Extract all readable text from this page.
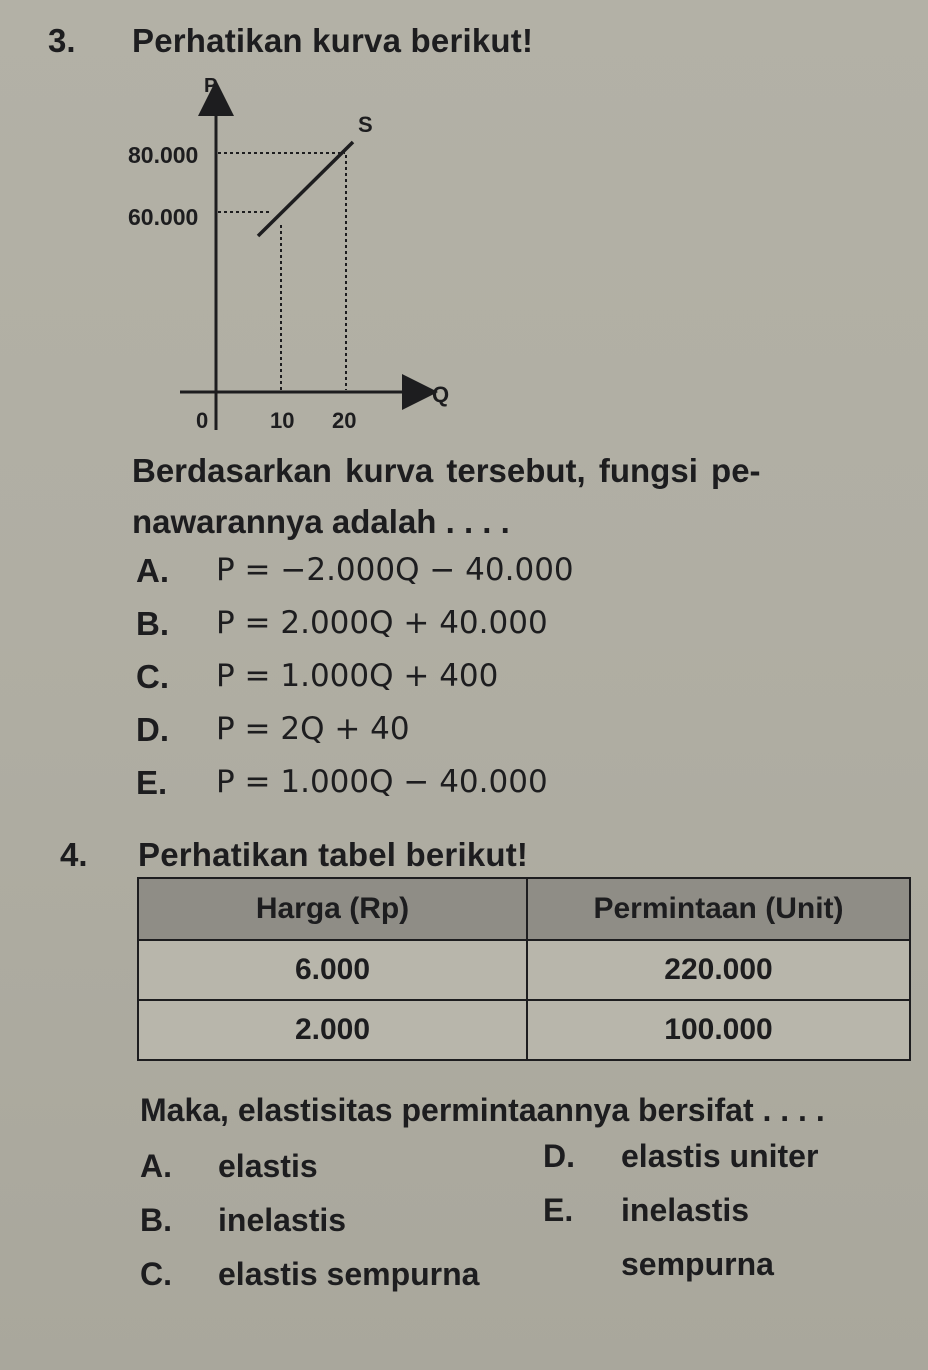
3. Perhatikan kurva berikut!
P
S
80.000
60.000
Q
0	10 20
Berdasarkan kurva tersebut, fungsi pe-
nawarannya adalah . . . .
A. P = −2.000Q − 40.000
B. P = 2.000Q + 40.000
C. P = 1.000Q + 400
D. P = 2Q + 40
E. P = 1.000Q − 40.000
4. Perhatikan tabel berikut!
Harga (Rp)	Permintaan (Unit)
6.000	220.000
2.000	100.000
Maka, elastisitas permintaannya bersifat . . . .
A. elastis
B. inelastis
C. elastis sempurna
D. elastis uniter
E. inelastis
sempurna
